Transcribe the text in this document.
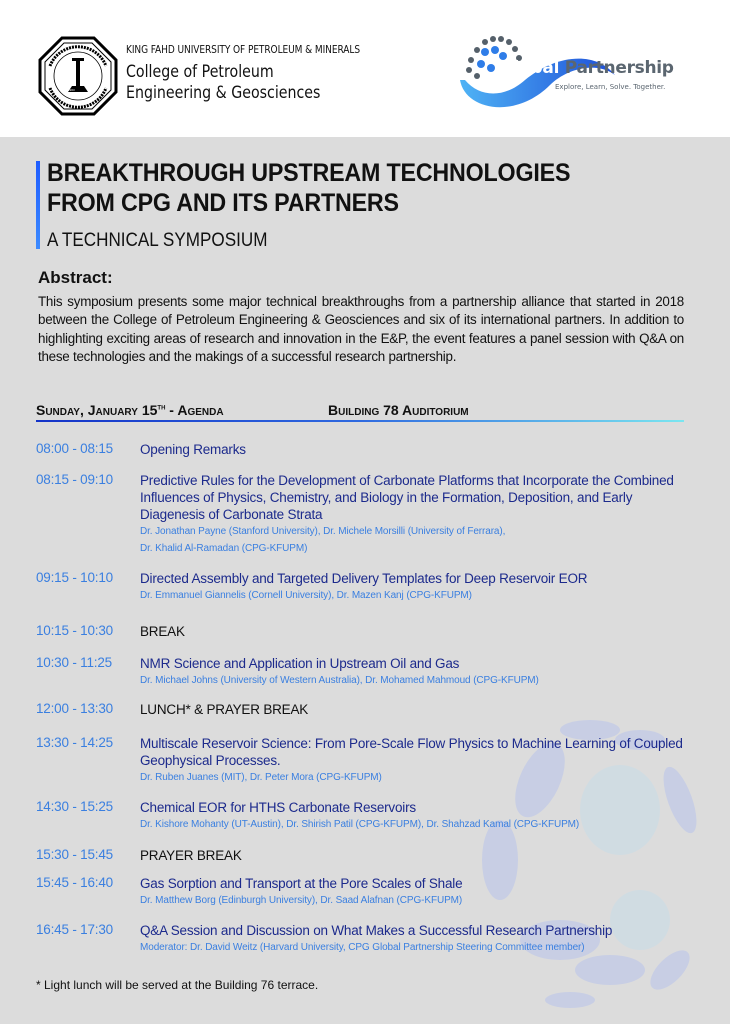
1963
KING FAHD UNIVERSITY OF PETROLEUM & MINERALS
College of Petroleum
Engineering & Geosciences
Global Partnership
Explore, Learn, Solve. Together.
BREAKTHROUGH UPSTREAM TECHNOLOGIES
FROM CPG AND ITS PARTNERS
A TECHNICAL SYMPOSIUM
Abstract:

This symposium presents some major technical breakthroughs from a partnership alliance that started in 2018 between the College of Petroleum Engineering & Geosciences and six of its international partners. In addition to highlighting exciting areas of research and innovation in the E&P, the event features a panel session with Q&A on these technologies and the makings of a successful research partnership.

Sunday, January 15th - Agenda	Building 78 Auditorium
08:00 - 08:15 Opening Remarks
08:15 - 09:10 Predictive Rules for the Development of Carbonate Platforms that Incorporate the Combined Influences of Physics, Chemistry, and Biology in the Formation, Deposition, and Early Diagenesis of Carbonate Strata
Dr. Jonathan Payne (Stanford University), Dr. Michele Morsilli (University of Ferrara),
Dr. Khalid Al-Ramadan (CPG-KFUPM)
09:15 - 10:10 Directed Assembly and Targeted Delivery Templates for Deep Reservoir EOR
Dr. Emmanuel Giannelis (Cornell University), Dr. Mazen Kanj (CPG-KFUPM)
10:15 - 10:30 BREAK
10:30 - 11:25 NMR Science and Application in Upstream Oil and Gas
Dr. Michael Johns (University of Western Australia), Dr. Mohamed Mahmoud (CPG-KFUPM)
12:00 - 13:30 LUNCH* & PRAYER BREAK
13:30 - 14:25 Multiscale Reservoir Science: From Pore-Scale Flow Physics to Machine Learning of Coupled Geophysical Processes.
Dr. Ruben Juanes (MIT), Dr. Peter Mora (CPG-KFUPM)
14:30 - 15:25 Chemical EOR for HTHS Carbonate Reservoirs
Dr. Kishore Mohanty (UT-Austin), Dr. Shirish Patil (CPG-KFUPM), Dr. Shahzad Kamal (CPG-KFUPM)
15:30 - 15:45 PRAYER BREAK
15:45 - 16:40 Gas Sorption and Transport at the Pore Scales of Shale
Dr. Matthew Borg (Edinburgh University), Dr. Saad Alafnan (CPG-KFUPM)
16:45 - 17:30 Q&A Session and Discussion on What Makes a Successful Research Partnership
Moderator: Dr. David Weitz (Harvard University, CPG Global Partnership Steering Committee member)
* Light lunch will be served at the Building 76 terrace.
